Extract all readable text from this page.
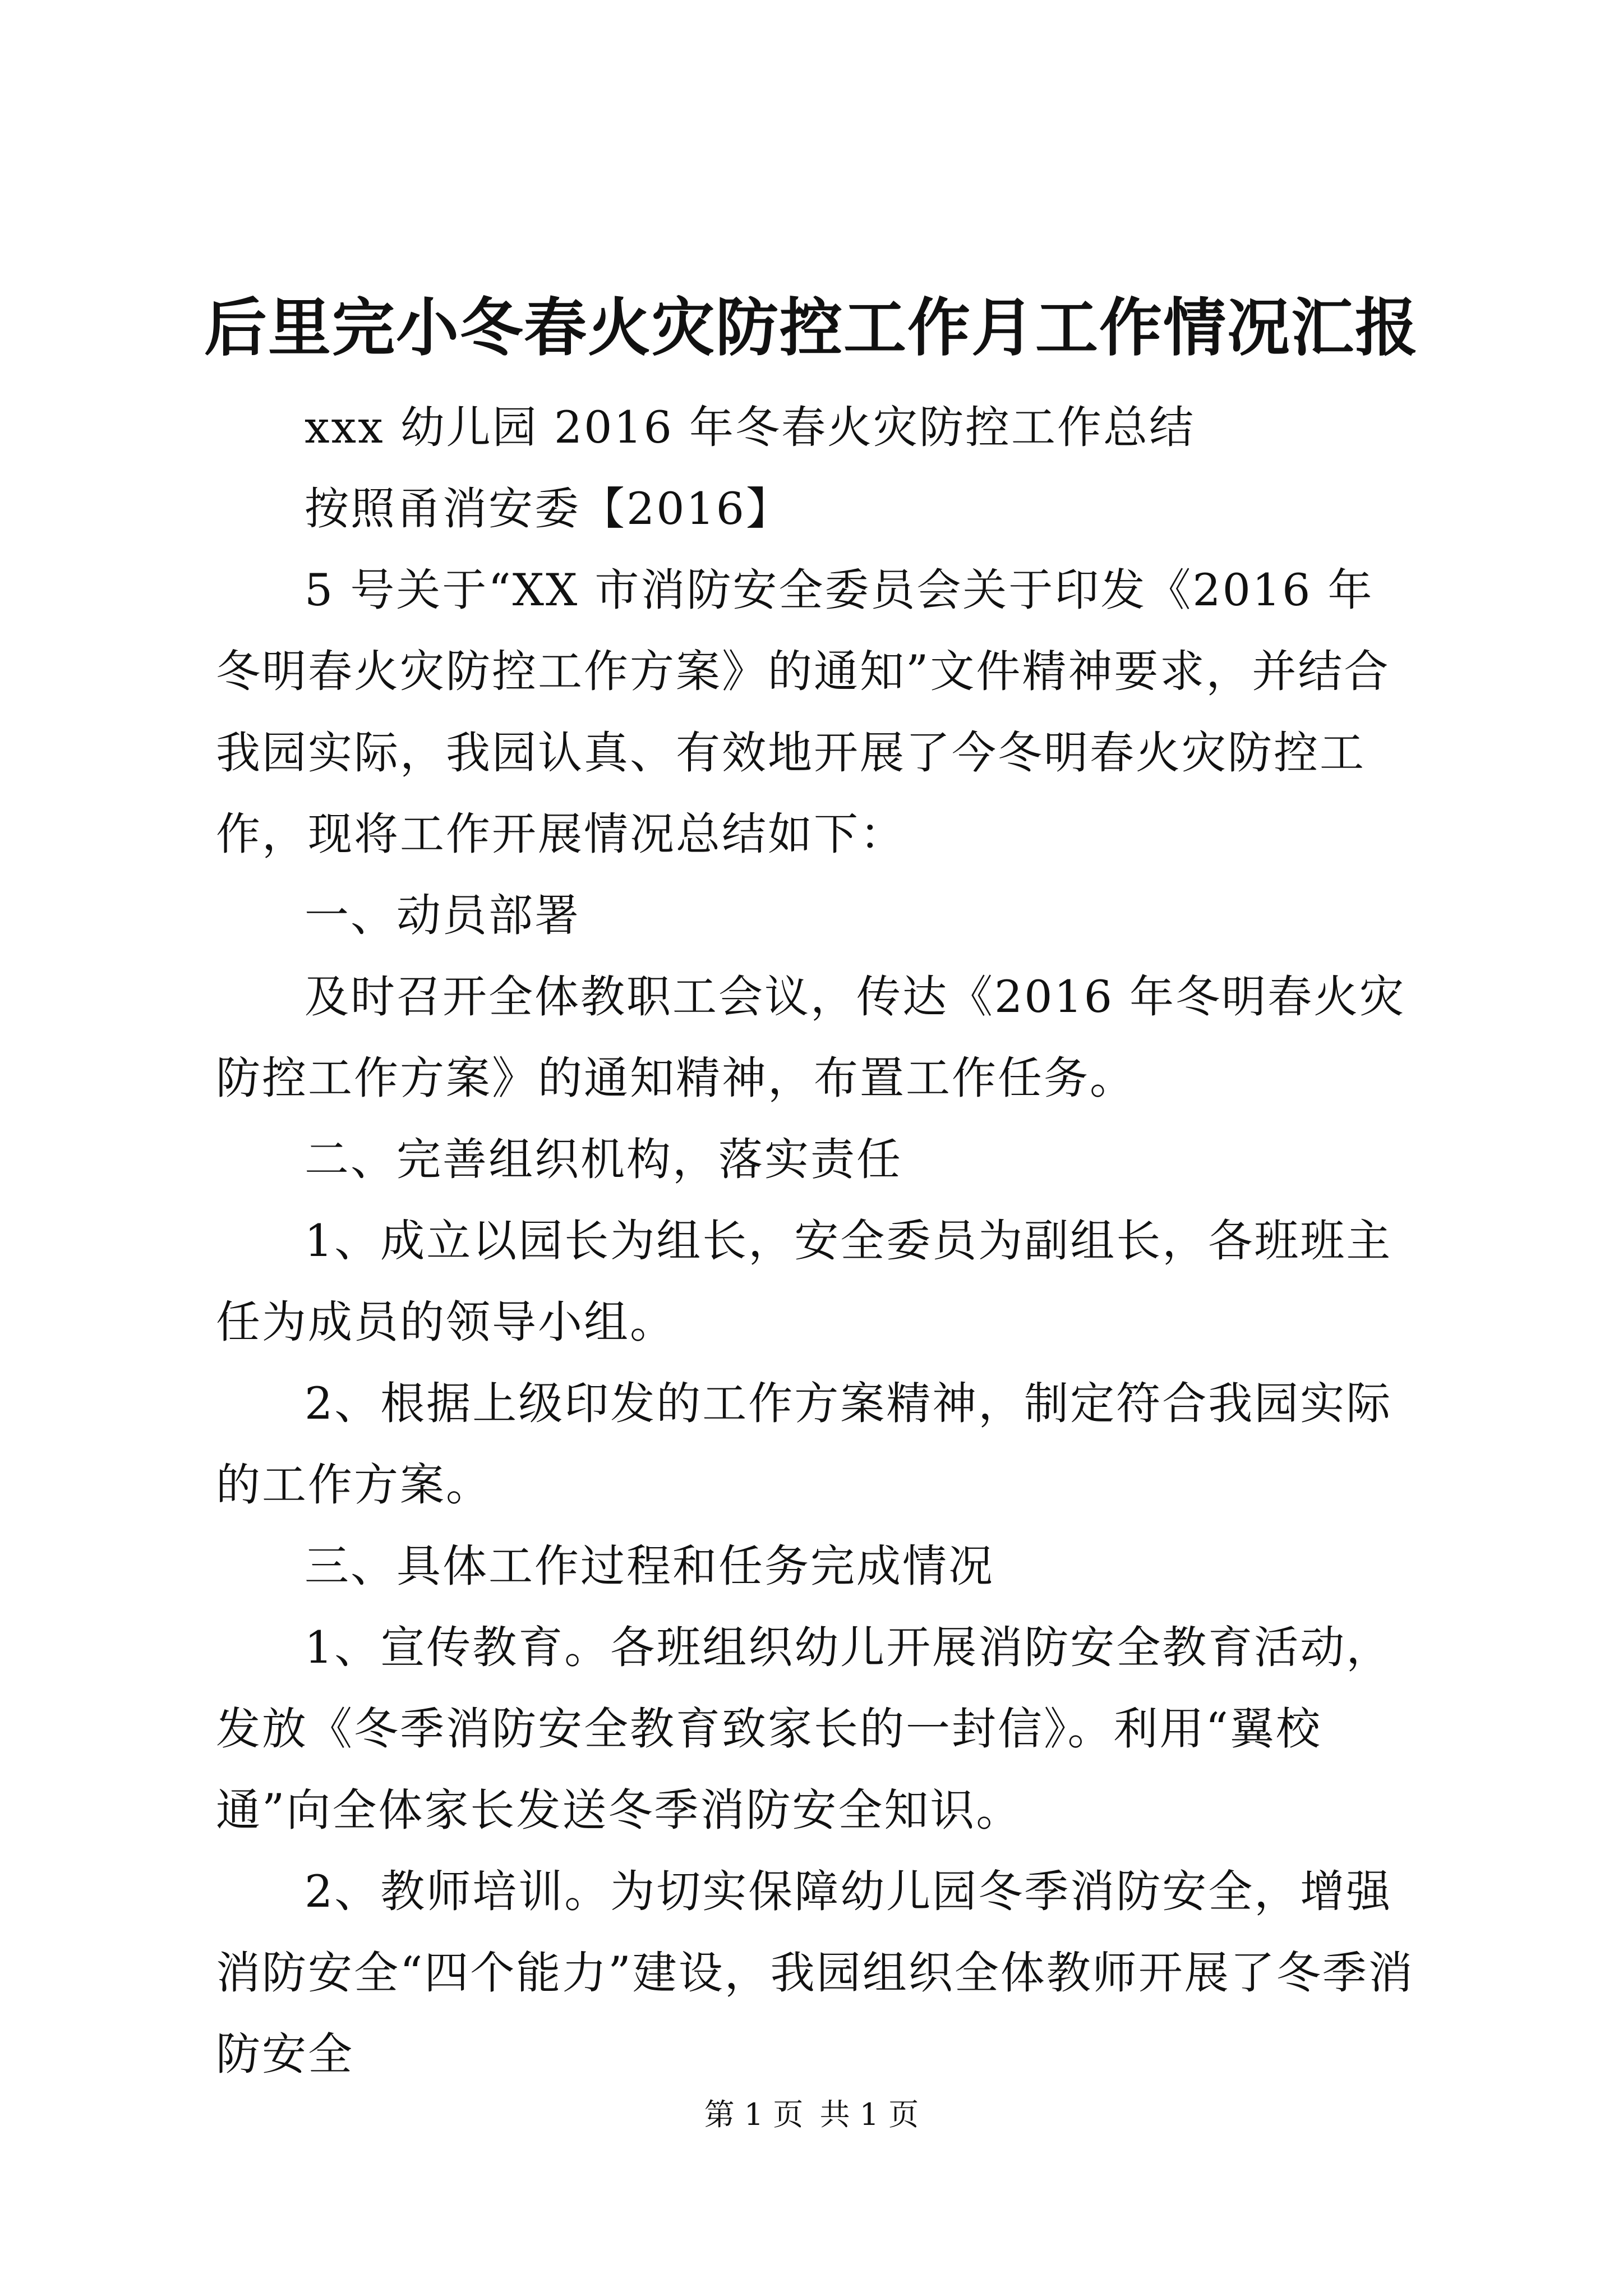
后里完小冬春火灾防控工作月工作情况汇报

xxx 幼儿园 2016 年冬春火灾防控工作总结

按照甬消安委【2016】

5 号关于“XX 市消防安全委员会关于印发《2016 年冬明春火灾防控工作方案》的通知”文件精神要求，并结合我园实际，我园认真、有效地开展了今冬明春火灾防控工作，现将工作开展情况总结如下：

一、动员部署

及时召开全体教职工会议，传达《2016 年冬明春火灾防控工作方案》的通知精神，布置工作任务。

二、完善组织机构，落实责任

1、成立以园长为组长，安全委员为副组长，各班班主任为成员的领导小组。

2、根据上级印发的工作方案精神，制定符合我园实际的工作方案。

三、具体工作过程和任务完成情况

1、宣传教育。各班组织幼儿开展消防安全教育活动，发放《冬季消防安全教育致家长的一封信》。利用“翼校通”向全体家长发送冬季消防安全知识。

2、教师培训。为切实保障幼儿园冬季消防安全，增强消防安全“四个能力”建设，我园组织全体教师开展了冬季消防安全

第 1 页 共 1 页
